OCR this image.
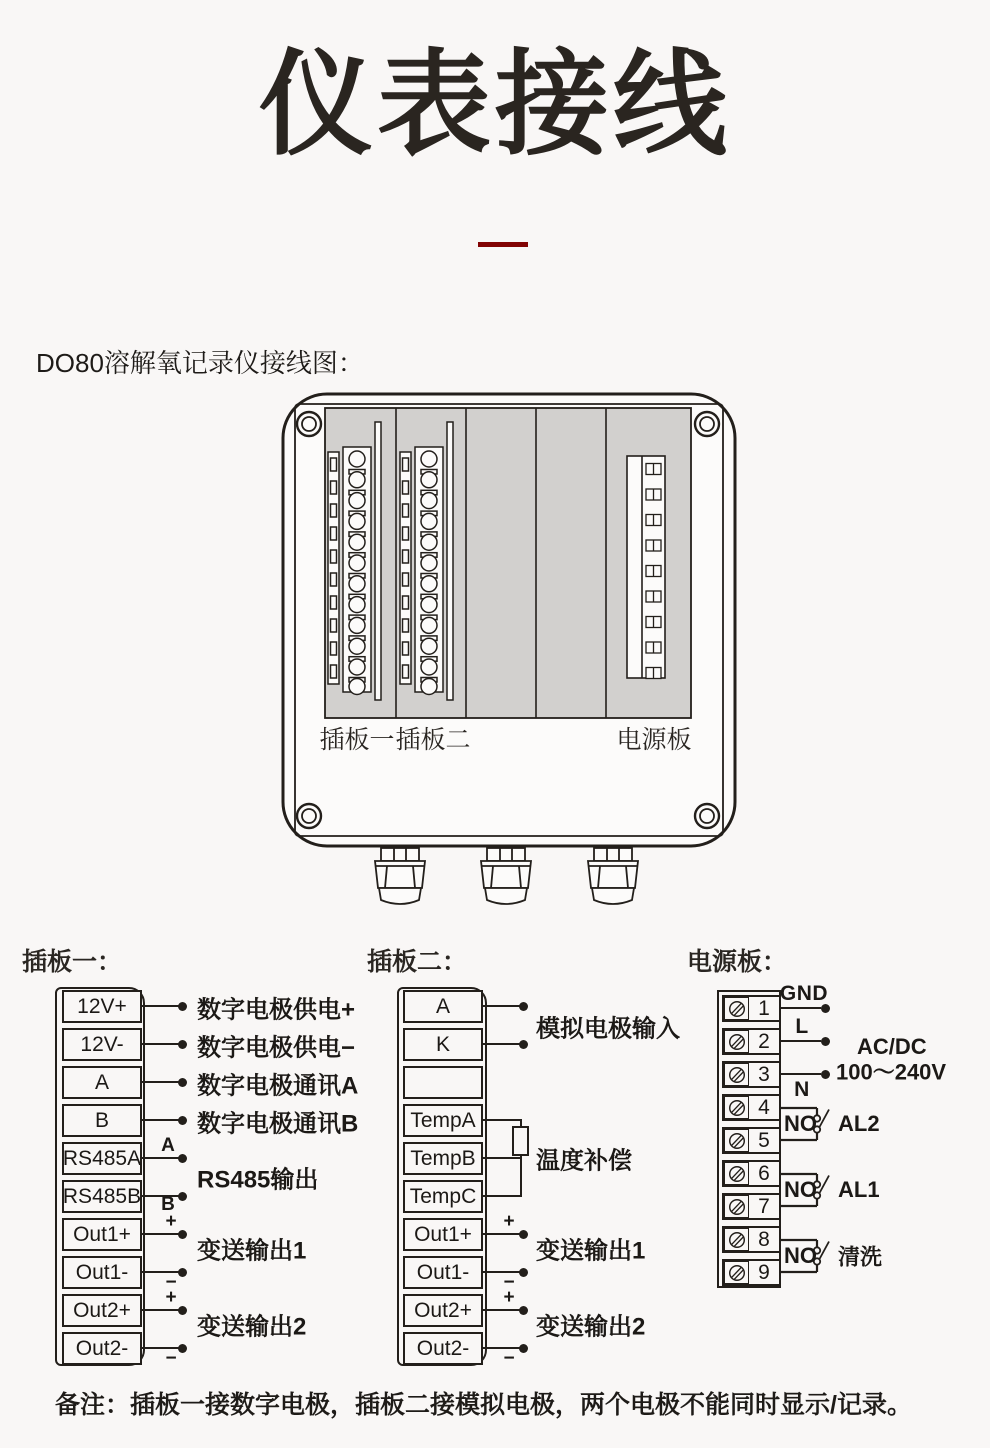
仪表接线
DO80溶解氧记录仪接线图：
插板一 插板二	电源板
插板一：
12V+
12V-
A
B
RS485A
RS485B
Out1+
Out1-
Out2+
Out2-
A
B
+
−
+
−
数字电极供电+
数字电极供电−
数字电极通讯A
数字电极通讯B
RS485输出
变送输出1
变送输出2
插板二：
A
K
TempA
TempB
TempC
Out1+
Out1-
Out2+
Out2-
模拟电极输入
温度补偿
+
−
+
−
变送输出1
变送输出2
电源板：
1
2
3
4
5
6
7
8
9
GND
L
N
AC/DC
100～240V
NO
NO
NO
AL2
AL1
清洗
备注：插板一接数字电极，插板二接模拟电极，两个电极不能同时显示/记录。
